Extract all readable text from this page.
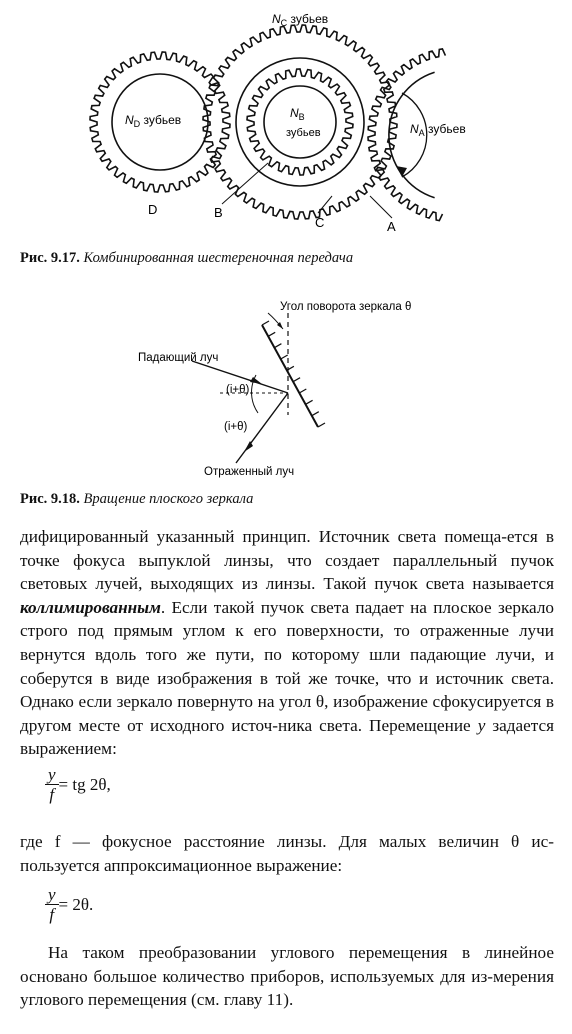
$N_C$ зубьев
$N_D$ зубьев	$N_B$
зубьев	$N_A$ зубьев
D	B
C	A
Рис. 9.17. Комбинированная шестереночная передача
Угол поворота зеркала θ
Падающий луч
(i+θ)
(i+θ)
Отраженный луч
Рис. 9.18. Вращение плоского зеркала
дифицированный указанный принцип. Источник света помеща-ется в точке фокуса выпуклой линзы, что создает параллельный пучок световых лучей, выходящих из линзы. Такой пучок света называется коллимированным. Если такой пучок света падает на плоское зеркало строго под прямым углом к его поверхности, то отраженные лучи вернутся вдоль того же пути, по которому шли падающие лучи, и соберутся в виде изображения в той же точке, что и источник света. Однако если зеркало повернуто на угол θ, изображение сфокусируется в другом месте от исходного источ-ника света. Перемещение y задается выражением:
$\frac{y}{f}$ = tg 2θ,
где f — фокусное расстояние линзы. Для малых величин θ ис-пользуется аппроксимационное выражение:
$\frac{y}{f} = 2\theta$.
На таком преобразовании углового перемещения в линейное основано большое количество приборов, используемых для из-мерения углового перемещения (см. главу 11).
